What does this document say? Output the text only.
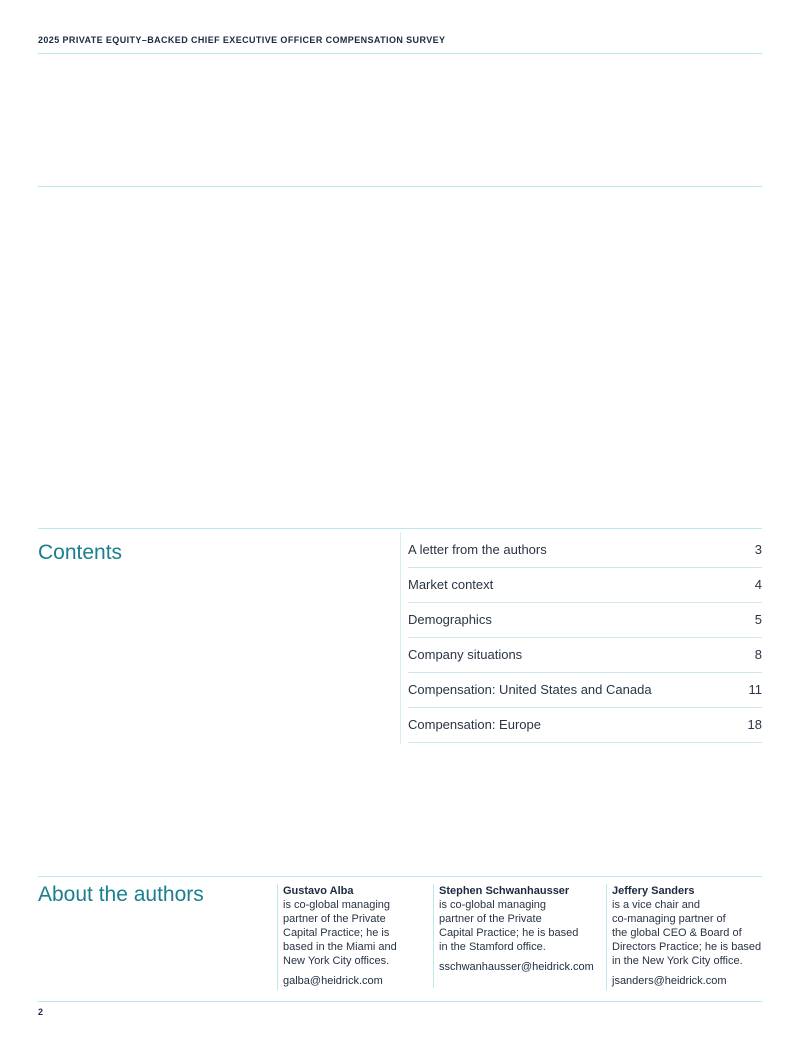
2025 PRIVATE EQUITY–BACKED CHIEF EXECUTIVE OFFICER COMPENSATION SURVEY
Contents	A letter from the authors	3
Market context	4
Demographics	5
Company situations	8
Compensation: United States and Canada	11
Compensation: Europe	18
About the authors	Gustavo Alba
is co-global managing
partner of the Private
Capital Practice; he is
based in the Miami and
New York City offices.
galba@heidrick.com
Stephen Schwanhausser
is co-global managing
partner of the Private
Capital Practice; he is based
in the Stamford office.
sschwanhausser@heidrick.com
Jeffery Sanders
is a vice chair and
co-managing partner of
the global CEO & Board of
Directors Practice; he is based
in the New York City office.
jsanders@heidrick.com
2
